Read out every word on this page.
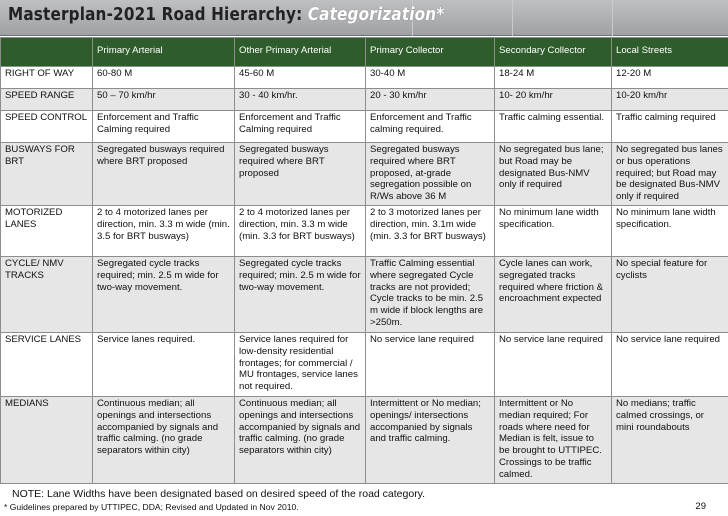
Masterplan-2021 Road Hierarchy: Categorization*
	Primary Arterial	Other Primary Arterial	Primary Collector	Secondary Collector	Local Streets
RIGHT OF WAY	60-80 M	45-60 M	30-40 M	18-24 M	12-20 M
SPEED RANGE	50 – 70 km/hr	30 - 40 km/hr.	20 - 30 km/hr	10- 20 km/hr	10-20 km/hr
SPEED CONTROL	Enforcement and Traffic Calming required	Enforcement and Traffic Calming required	Enforcement and Traffic calming required.	Traffic calming essential.	Traffic calming required
BUSWAYS FOR BRT	Segregated busways required where BRT proposed	Segregated busways required where BRT proposed	Segregated busways required where BRT proposed, at-grade segregation possible on R/Ws above 36 M	No segregated bus lane; but Road may be designated Bus-NMV only if required	No segregated bus lanes or bus operations required; but Road may be designated Bus-NMV only if required
MOTORIZED LANES	2 to 4 motorized lanes per direction, min. 3.3 m wide (min. 3.5 for BRT busways)	2 to 4 motorized lanes per direction, min. 3.3 m wide (min. 3.3 for BRT busways)	2 to 3 motorized lanes per direction, min. 3.1m wide (min. 3.3 for BRT busways)	No minimum lane width specification.	No minimum lane width specification.
CYCLE/ NMV TRACKS	Segregated cycle tracks required; min. 2.5 m wide for two-way movement.	Segregated cycle tracks required; min. 2.5 m wide for two-way movement.	Traffic Calming essential where segregated Cycle tracks are not provided; Cycle tracks to be min. 2.5 m wide if block lengths are >250m.	Cycle lanes can work, segregated tracks required where friction & encroachment expected	No special feature for cyclists
SERVICE LANES	Service lanes required.	Service lanes required for low-density residential frontages; for commercial / MU frontages, service lanes not required.	No service lane required	No service lane required	No service lane required
MEDIANS	Continuous median; all openings and intersections accompanied by signals and traffic calming. (no grade separators within city)	Continuous median; all openings and intersections accompanied by signals and traffic calming. (no grade separators within city)	Intermittent or No median; openings/ intersections accompanied by signals and traffic calming.	Intermittent or No median required; For roads where need for Median is felt, issue to be brought to UTTIPEC. Crossings to be traffic calmed.	No medians; traffic calmed crossings, or mini roundabouts
NOTE: Lane Widths have been designated based on desired speed of the road category.
* Guidelines prepared by UTTIPEC, DDA; Revised and Updated in Nov 2010.	29
